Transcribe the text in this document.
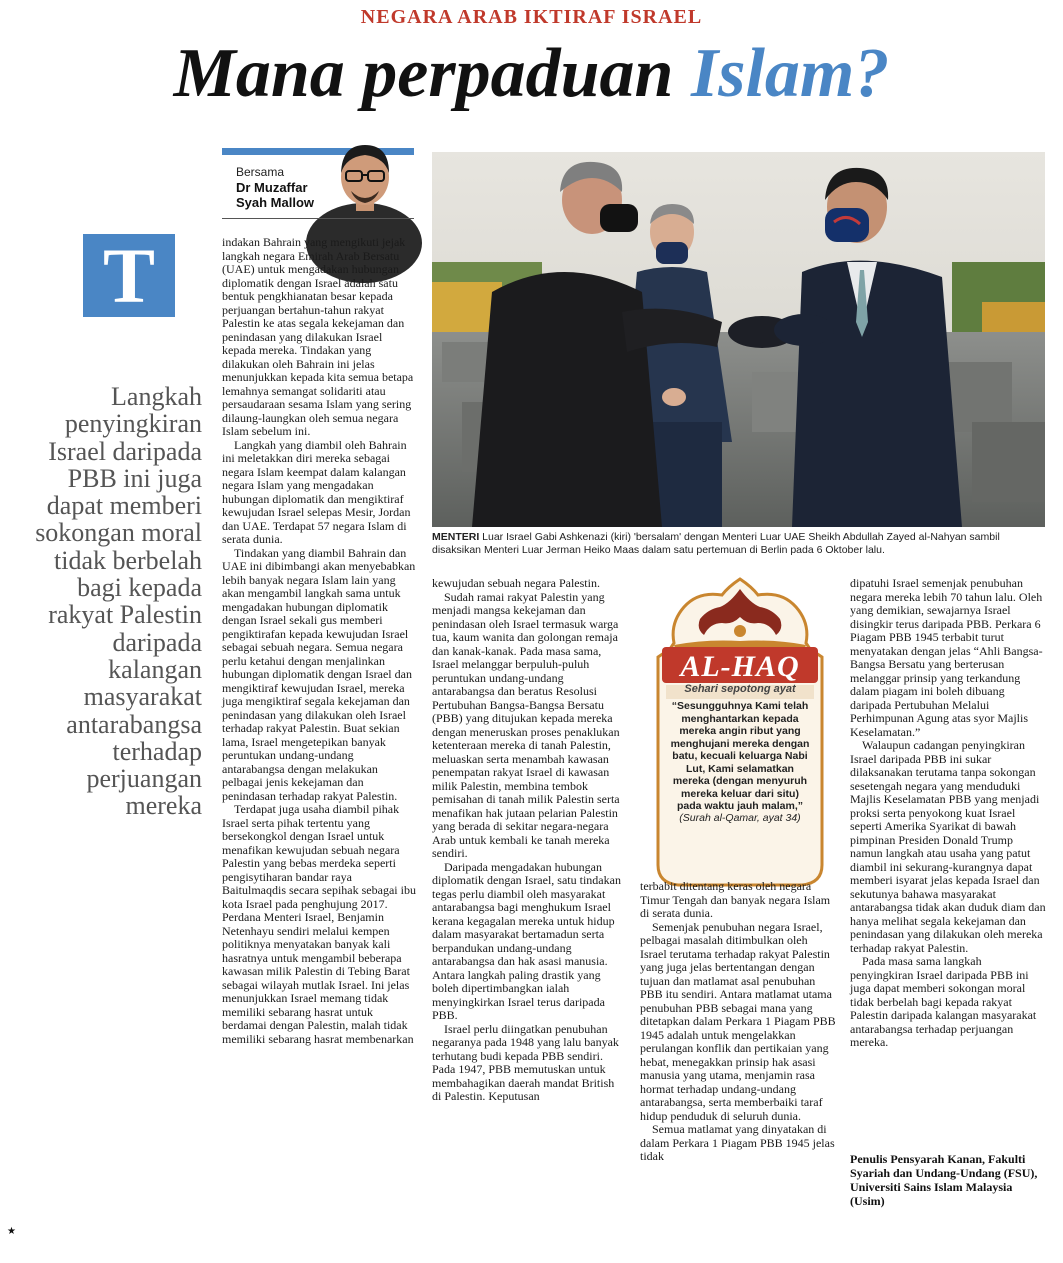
NEGARA ARAB IKTIRAF ISRAEL
Mana perpaduan Islam?
Bersama
Dr Muzaffar
Syah Mallow
T
Langkah penyingkiran Israel daripada PBB ini juga dapat memberi sokongan moral tidak berbelah bagi kepada rakyat Palestin daripada kalangan masyarakat antarabangsa terhadap perjuangan mereka

indakan Bahrain yang mengikuti jejak langkah negara Emirah Arab Bersatu (UAE) untuk mengadakan hubungan diplomatik dengan Israel adalah satu bentuk pengkhianatan besar kepada perjuangan bertahun-tahun rakyat Palestin ke atas segala kekejaman dan penindasan yang dilakukan Israel kepada mereka. Tindakan yang dilakukan oleh Bahrain ini jelas menunjukkan kepada kita semua betapa lemahnya semangat solidariti atau persaudaraan sesama Islam yang sering dilaung-laungkan oleh semua negara Islam sebelum ini.

Langkah yang diambil oleh Bahrain ini meletakkan diri mereka sebagai negara Islam keempat dalam kalangan negara Islam yang mengadakan hubungan diplomatik dan mengiktiraf kewujudan Israel selepas Mesir, Jordan dan UAE. Terdapat 57 negara Islam di serata dunia.

Tindakan yang diambil Bahrain dan UAE ini dibimbangi akan menyebabkan lebih banyak negara Islam lain yang akan mengambil langkah sama untuk mengadakan hubungan diplomatik dengan Israel sekali gus memberi pengiktirafan kepada kewujudan Israel sebagai sebuah negara. Semua negara perlu ketahui dengan menjalinkan hubungan diplomatik dengan Israel dan mengiktiraf kewujudan Israel, mereka juga mengiktiraf segala kekejaman dan penindasan yang dilakukan oleh Israel terhadap rakyat Palestin. Buat sekian lama, Israel mengetepikan banyak peruntukan undang-undang antarabangsa dengan melakukan pelbagai jenis kekejaman dan penindasan terhadap rakyat Palestin.

Terdapat juga usaha diambil pihak Israel serta pihak tertentu yang bersekongkol dengan Israel untuk menafikan kewujudan sebuah negara Palestin yang bebas merdeka seperti pengisytiharan bandar raya Baitulmaqdis secara sepihak sebagai ibu kota Israel pada penghujung 2017. Perdana Menteri Israel, Benjamin Netenhayu sendiri melalui kempen politiknya menyatakan banyak kali hasratnya untuk mengambil beberapa kawasan milik Palestin di Tebing Barat sebagai wilayah mutlak Israel. Ini jelas menunjukkan Israel memang tidak memiliki sebarang hasrat untuk berdamai dengan Palestin, malah tidak memiliki sebarang hasrat membenarkan

MENTERI Luar Israel Gabi Ashkenazi (kiri) 'bersalam' dengan Menteri Luar UAE Sheikh Abdullah Zayed al-Nahyan sambil disaksikan Menteri Luar Jerman Heiko Maas dalam satu pertemuan di Berlin pada 6 Oktober lalu.

kewujudan sebuah negara Palestin.

Sudah ramai rakyat Palestin yang menjadi mangsa kekejaman dan penindasan oleh Israel termasuk warga tua, kaum wanita dan golongan remaja dan kanak-kanak. Pada masa sama, Israel melanggar berpuluh-puluh peruntukan undang-undang antarabangsa dan beratus Resolusi Pertubuhan Bangsa-Bangsa Bersatu (PBB) yang ditujukan kepada mereka dengan meneruskan proses penaklukan ketenteraan mereka di tanah Palestin, meluaskan serta menambah kawasan penempatan rakyat Israel di kawasan milik Palestin, membina tembok pemisahan di tanah milik Palestin serta menafikan hak jutaan pelarian Palestin yang berada di sekitar negara-negara Arab untuk kembali ke tanah mereka sendiri.

Daripada mengadakan hubungan diplomatik dengan Israel, satu tindakan tegas perlu diambil oleh masyarakat antarabangsa bagi menghukum Israel kerana kegagalan mereka untuk hidup dalam masyarakat bertamadun serta berpandukan undang-undang antarabangsa dan hak asasi manusia. Antara langkah paling drastik yang boleh dipertimbangkan ialah menyingkirkan Israel terus daripada PBB.

Israel perlu diingatkan penubuhan negaranya pada 1948 yang lalu banyak terhutang budi kepada PBB sendiri. Pada 1947, PBB memutuskan untuk membahagikan daerah mandat British di Palestin. Keputusan

AL-HAQ
Sehari sepotong ayat
“Sesungguhnya Kami telah menghantarkan kepada mereka angin ribut yang menghujani mereka dengan batu, kecuali keluarga Nabi Lut, Kami selamatkan mereka (dengan menyuruh mereka keluar dari situ) pada waktu jauh malam,”
(Surah al-Qamar, ayat 34)

terbabit ditentang keras oleh negara Timur Tengah dan banyak negara Islam di serata dunia.

Semenjak penubuhan negara Israel, pelbagai masalah ditimbulkan oleh Israel terutama terhadap rakyat Palestin yang juga jelas bertentangan dengan tujuan dan matlamat asal penubuhan PBB itu sendiri. Antara matlamat utama penubuhan PBB sebagai mana yang ditetapkan dalam Perkara 1 Piagam PBB 1945 adalah untuk mengelakkan perulangan konflik dan pertikaian yang hebat, menegakkan prinsip hak asasi manusia yang utama, menjamin rasa hormat terhadap undang-undang antarabangsa, serta memberbaiki taraf hidup penduduk di seluruh dunia.

Semua matlamat yang dinyatakan di dalam Perkara 1 Piagam PBB 1945 jelas tidak

dipatuhi Israel semenjak penubuhan negara mereka lebih 70 tahun lalu. Oleh yang demikian, sewajarnya Israel disingkir terus daripada PBB. Perkara 6 Piagam PBB 1945 terbabit turut menyatakan dengan jelas “Ahli Bangsa-Bangsa Bersatu yang berterusan melanggar prinsip yang terkandung dalam piagam ini boleh dibuang daripada Pertubuhan Melalui Perhimpunan Agung atas syor Majlis Keselamatan.”

Walaupun cadangan penyingkiran Israel daripada PBB ini sukar dilaksanakan terutama tanpa sokongan sesetengah negara yang menduduki Majlis Keselamatan PBB yang menjadi proksi serta penyokong kuat Israel seperti Amerika Syarikat di bawah pimpinan Presiden Donald Trump namun langkah atau usaha yang patut diambil ini sekurang-kurangnya dapat memberi isyarat jelas kepada Israel dan sekutunya bahawa masyarakat antarabangsa tidak akan duduk diam dan hanya melihat segala kekejaman dan penindasan yang dilakukan oleh mereka terhadap rakyat Palestin.

Pada masa sama langkah penyingkiran Israel daripada PBB ini juga dapat memberi sokongan moral tidak berbelah bagi kepada rakyat Palestin daripada kalangan masyarakat antarabangsa terhadap perjuangan mereka.

Penulis Pensyarah Kanan, Fakulti Syariah dan Undang-Undang (FSU), Universiti Sains Islam Malaysia (Usim)
★
